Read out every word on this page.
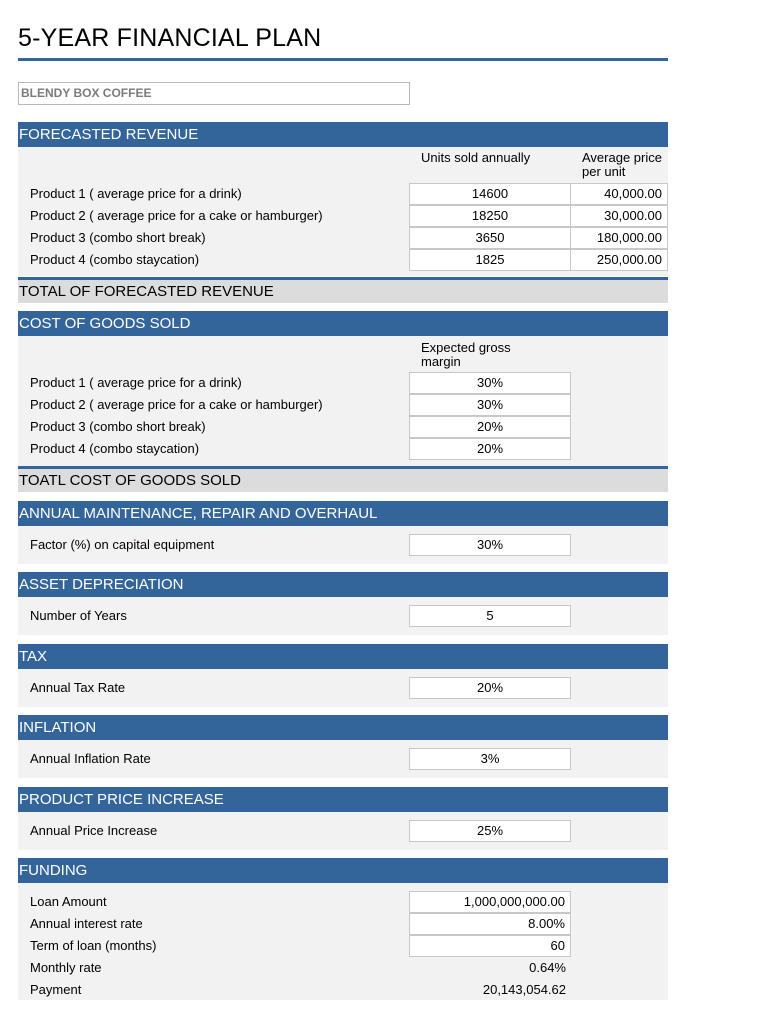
5-YEAR FINANCIAL PLAN
BLENDY BOX COFFEE
FORECASTED REVENUE
Units sold annually	Average price per unit
Product 1 ( average price for a drink)	14600	40,000.00
Product 2 ( average price for a cake or hamburger)	18250	30,000.00
Product 3 (combo short break)	3650	180,000.00
Product 4 (combo staycation)	1825	250,000.00
TOTAL OF FORECASTED REVENUE
COST OF GOODS SOLD
Expected gross margin
Product 1 ( average price for a drink)	30%
Product 2 ( average price for a cake or hamburger)	30%
Product 3 (combo short break)	20%
Product 4 (combo staycation)	20%
TOATL COST OF GOODS SOLD
ANNUAL MAINTENANCE, REPAIR AND OVERHAUL
Factor (%) on capital equipment	30%
ASSET DEPRECIATION
Number of Years	5
TAX
Annual Tax Rate	20%
INFLATION
Annual Inflation Rate	3%
PRODUCT PRICE INCREASE
Annual Price Increase	25%
FUNDING
Loan Amount	1,000,000,000.00
Annual interest rate	8.00%
Term of loan (months)	60
Monthly rate	0.64%
Payment	20,143,054.62
